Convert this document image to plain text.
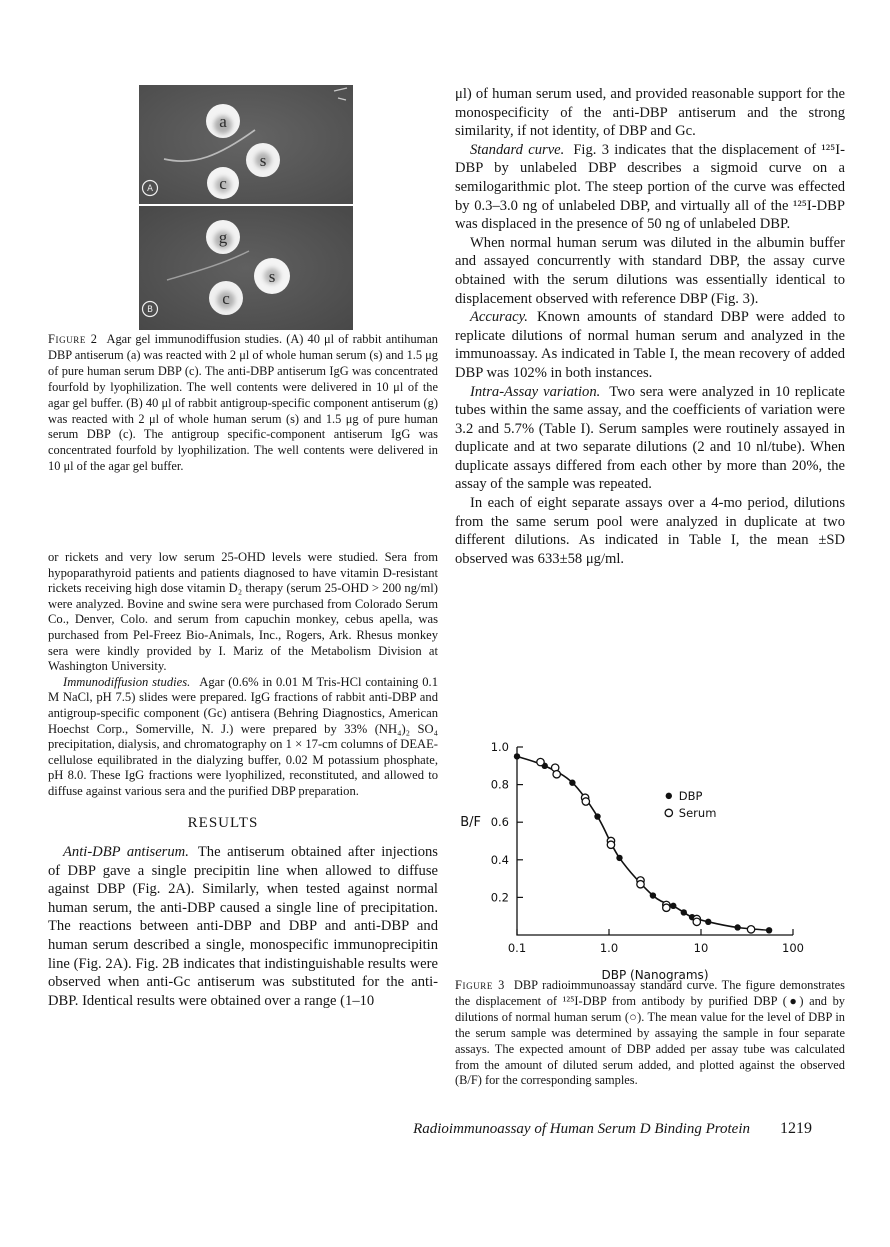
a
s
c
A
g
s
c
B

Figure 2 Agar gel immunodiffusion studies. (A) 40 μl of rabbit antihuman DBP antiserum (a) was reacted with 2 μl of whole human serum (s) and 1.5 μg of pure human serum DBP (c). The anti-DBP antiserum IgG was concentrated fourfold by lyophilization. The well contents were delivered in 10 μl of the agar gel buffer. (B) 40 μl of rabbit antigroup-specific component antiserum (g) was reacted with 2 μl of whole human serum (s) and 1.5 μg of pure human serum DBP (c). The antigroup specific-component antiserum IgG was concentrated fourfold by lyophilization. The well contents were delivered in 10 μl of the agar gel buffer.

or rickets and very low serum 25-OHD levels were studied. Sera from hypoparathyroid patients and patients diagnosed to have vitamin D-resistant rickets receiving high dose vitamin D₂ therapy (serum 25-OHD > 200 ng/ml) were analyzed. Bovine and swine sera were purchased from Colorado Serum Co., Denver, Colo. and serum from capuchin monkey, cebus apella, was purchased from Pel-Freez Bio-Animals, Inc., Rogers, Ark. Rhesus monkey sera were kindly provided by I. Mariz of the Metabolism Division at Washington University.

Immunodiffusion studies. Agar (0.6% in 0.01 M Tris-HCl containing 0.1 M NaCl, pH 7.5) slides were prepared. IgG fractions of rabbit anti-DBP and antigroup-specific component (Gc) antisera (Behring Diagnostics, American Hoechst Corp., Somerville, N. J.) were prepared by 33% (NH₄)₂ SO₄ precipitation, dialysis, and chromatography on 1 × 17-cm columns of DEAE-cellulose equilibrated in the dialyzing buffer, 0.02 M potassium phosphate, pH 8.0. These IgG fractions were lyophilized, reconstituted, and allowed to diffuse against various sera and the purified DBP preparation.

RESULTS

Anti-DBP antiserum. The antiserum obtained after injections of DBP gave a single precipitin line when allowed to diffuse against DBP (Fig. 2A). Similarly, when tested against normal human serum, the anti-DBP caused a single line of precipitation. The reactions between anti-DBP and DBP and anti-DBP and human serum described a single, monospecific immunoprecipitin line (Fig. 2A). Fig. 2B indicates that indistinguishable results were observed when anti-Gc antiserum was substituted for the anti-DBP. Identical results were obtained over a range (1–10

μl) of human serum used, and provided reasonable support for the monospecificity of the anti-DBP antiserum and the strong similarity, if not identity, of DBP and Gc.

Standard curve. Fig. 3 indicates that the displacement of ¹²⁵I-DBP by unlabeled DBP describes a sigmoid curve on a semilogarithmic plot. The steep portion of the curve was effected by 0.3–3.0 ng of unlabeled DBP, and virtually all of the ¹²⁵I-DBP was displaced in the presence of 50 ng of unlabeled DBP.

When normal human serum was diluted in the albumin buffer and assayed concurrently with standard DBP, the assay curve obtained with the serum dilutions was essentially identical to displacement observed with reference DBP (Fig. 3).

Accuracy. Known amounts of standard DBP were added to replicate dilutions of normal human serum and analyzed in the immunoassay. As indicated in Table I, the mean recovery of added DBP was 102% in both instances.

Intra-Assay variation. Two sera were analyzed in 10 replicate tubes within the same assay, and the coefficients of variation were 3.2 and 5.7% (Table I). Serum samples were routinely assayed in duplicate and at two separate dilutions (2 and 10 nl/tube). When duplicate assays differed from each other by more than 20%, the assay of the sample was repeated.

In each of eight separate assays over a 4-mo period, dilutions from the same serum pool were analyzed in duplicate at two different dilutions. As indicated in Table I, the mean ±SD observed was 633±58 μg/ml.

0.2
0.4
0.6
0.8
1.0
0.1	1.0	10	100
DBP
Serum
B/F
DBP (Nanograms)

Figure 3 DBP radioimmunoassay standard curve. The figure demonstrates the displacement of ¹²⁵I-DBP from antibody by purified DBP (●) and by dilutions of normal human serum (○). The mean value for the level of DBP in the serum sample was determined by assaying the sample in four separate assays. The expected amount of DBP added per assay tube was calculated from the amount of diluted serum added, and plotted against the observed (B/F) for the corresponding samples.

Radioimmunoassay of Human Serum D Binding Protein 1219
